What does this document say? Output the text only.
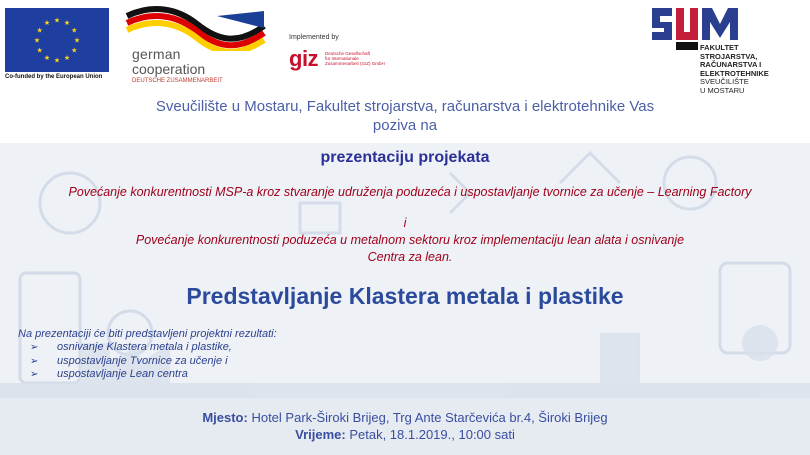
★ ★
★
★
★
★
★
★
★
★
★
★
Co-funded by the European Union
german
cooperation
DEUTSCHE ZUSAMMENARBEIT
Implemented by
giz Deutsche Gesellschaft
für Internationale
Zusammenarbeit (GIZ) GmbH
FAKULTET
STROJARSTVA,
RAČUNARSTVA I
ELEKTROTEHNIKE
SVEUČILIŠTE
U MOSTARU
Sveučilište u Mostaru, Fakultet strojarstva, računarstva i elektrotehnike Vas
poziva na
prezentaciju projekata
Povećanje konkurentnosti MSP-a kroz stvaranje udruženja poduzeća i uspostavljanje tvornice za učenje – Learning Factory
i
Povećanje konkurentnosti poduzeća u metalnom sektoru kroz implementaciju lean alata i osnivanje Centra za lean.
Predstavljanje Klastera metala i plastike
Na prezentaciji će biti predstavljeni projektni rezultati:
➢ osnivanje Klastera metala i plastike,
➢ uspostavljanje Tvornice za učenje i
➢ uspostavljanje Lean centra
Mjesto: Hotel Park-Široki Brijeg, Trg Ante Starčevića br.4, Široki Brijeg
Vrijeme: Petak, 18.1.2019., 10:00 sati
